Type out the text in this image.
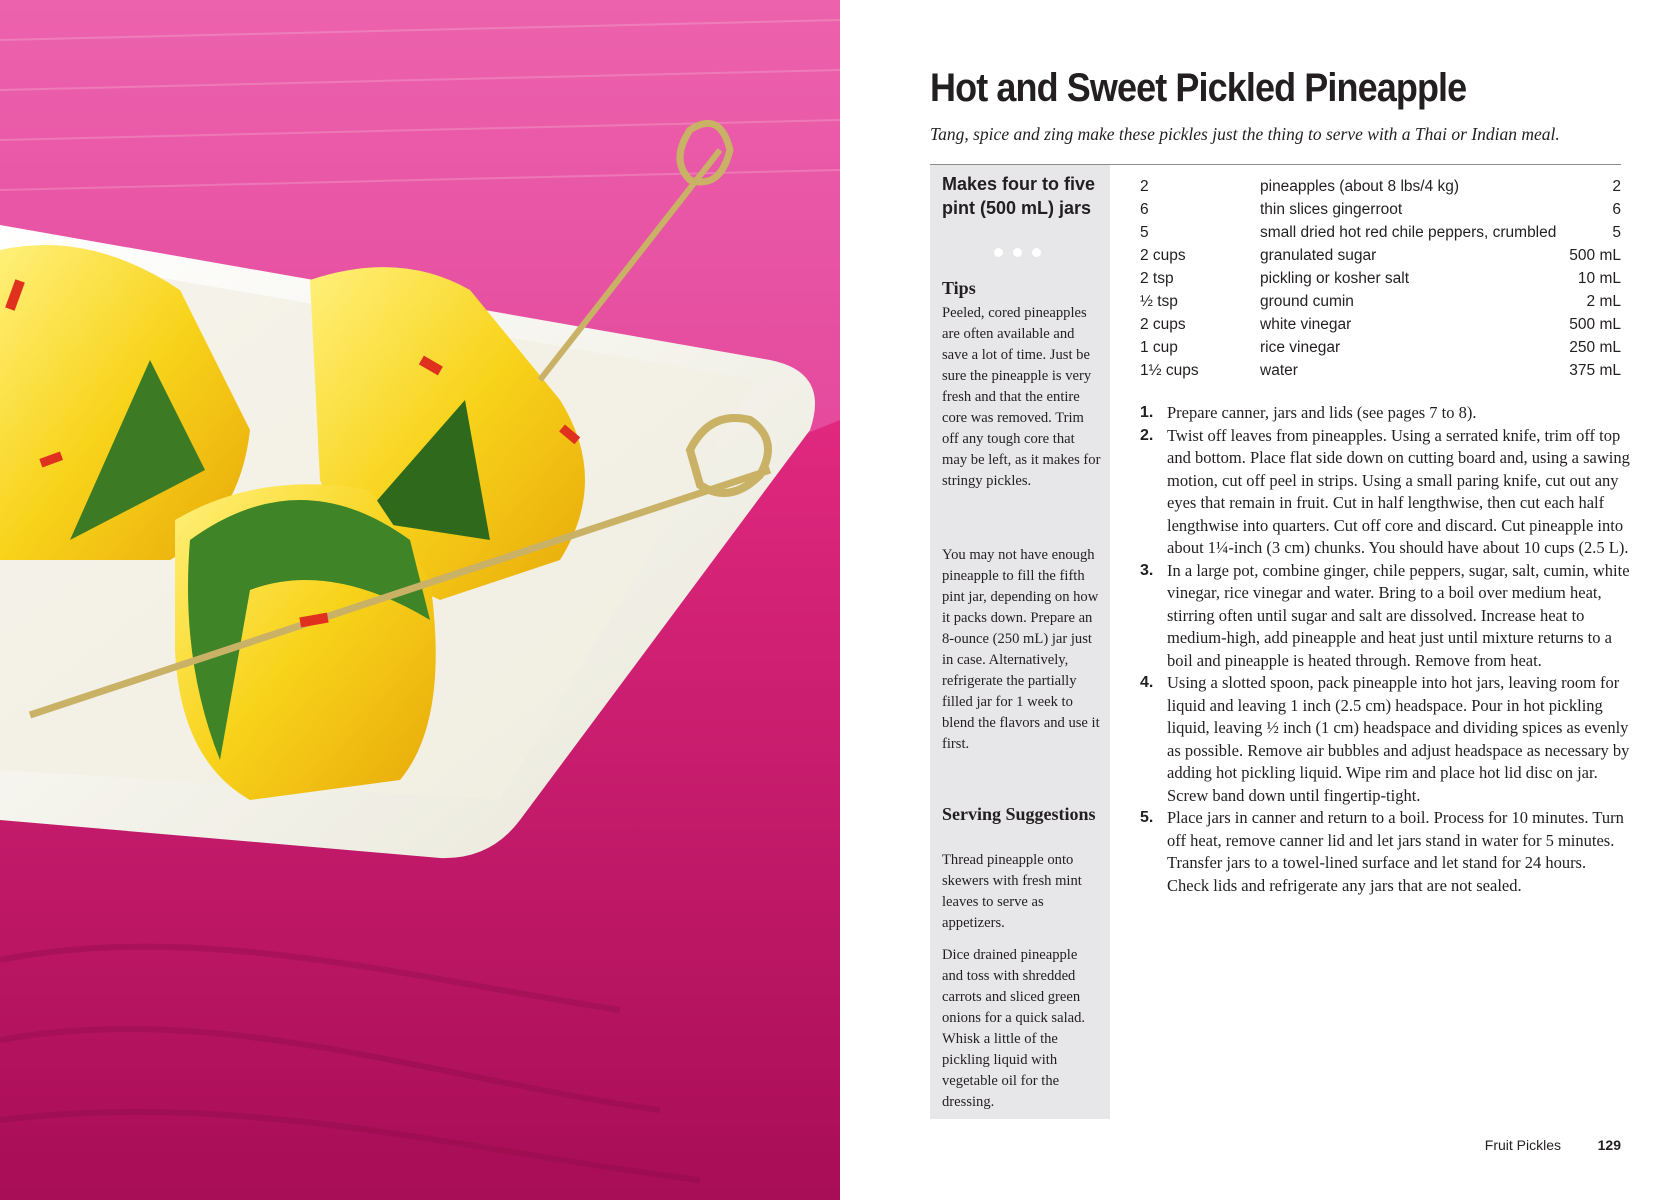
Hot and Sweet Pickled Pineapple

Tang, spice and zing make these pickles just the thing to serve with a Thai or Indian meal.

Makes four to five pint (500 mL) jars

Tips

Peeled, cored pineapples are often available and save a lot of time. Just be sure the pineapple is very fresh and that the entire core was removed. Trim off any tough core that may be left, as it makes for stringy pickles.

You may not have enough pineapple to fill the fifth pint jar, depending on how it packs down. Prepare an 8-ounce (250 mL) jar just in case. Alternatively, refrigerate the partially filled jar for 1 week to blend the flavors and use it first.

Serving Suggestions

Thread pineapple onto skewers with fresh mint leaves to serve as appetizers.

Dice drained pineapple and toss with shredded carrots and sliced green onions for a quick salad. Whisk a little of the pickling liquid with vegetable oil for the dressing.

2	pineapples (about 8 lbs/4 kg)	2
6	thin slices gingerroot	6
5	small dried hot red chile peppers, crumbled	5
2 cups	granulated sugar	500 mL
2 tsp	pickling or kosher salt	10 mL
½ tsp	ground cumin	2 mL
2 cups	white vinegar	500 mL
1 cup	rice vinegar	250 mL
1½ cups	water	375 mL
1. Prepare canner, jars and lids (see pages 7 to 8).
2. Twist off leaves from pineapples. Using a serrated knife, trim off top and bottom. Place flat side down on cutting board and, using a sawing motion, cut off peel in strips. Using a small paring knife, cut out any eyes that remain in fruit. Cut in half lengthwise, then cut each half lengthwise into quarters. Cut off core and discard. Cut pineapple into about 1¼-inch (3 cm) chunks. You should have about 10 cups (2.5 L).
3. In a large pot, combine ginger, chile peppers, sugar, salt, cumin, white vinegar, rice vinegar and water. Bring to a boil over medium heat, stirring often until sugar and salt are dissolved. Increase heat to medium-high, add pineapple and heat just until mixture returns to a boil and pineapple is heated through. Remove from heat.
4. Using a slotted spoon, pack pineapple into hot jars, leaving room for liquid and leaving 1 inch (2.5 cm) headspace. Pour in hot pickling liquid, leaving ½ inch (1 cm) headspace and dividing spices as evenly as possible. Remove air bubbles and adjust headspace as necessary by adding hot pickling liquid. Wipe rim and place hot lid disc on jar. Screw band down until fingertip-tight.
5. Place jars in canner and return to a boil. Process for 10 minutes. Turn off heat, remove canner lid and let jars stand in water for 5 minutes. Transfer jars to a towel-lined surface and let stand for 24 hours. Check lids and refrigerate any jars that are not sealed.
Fruit Pickles	129
